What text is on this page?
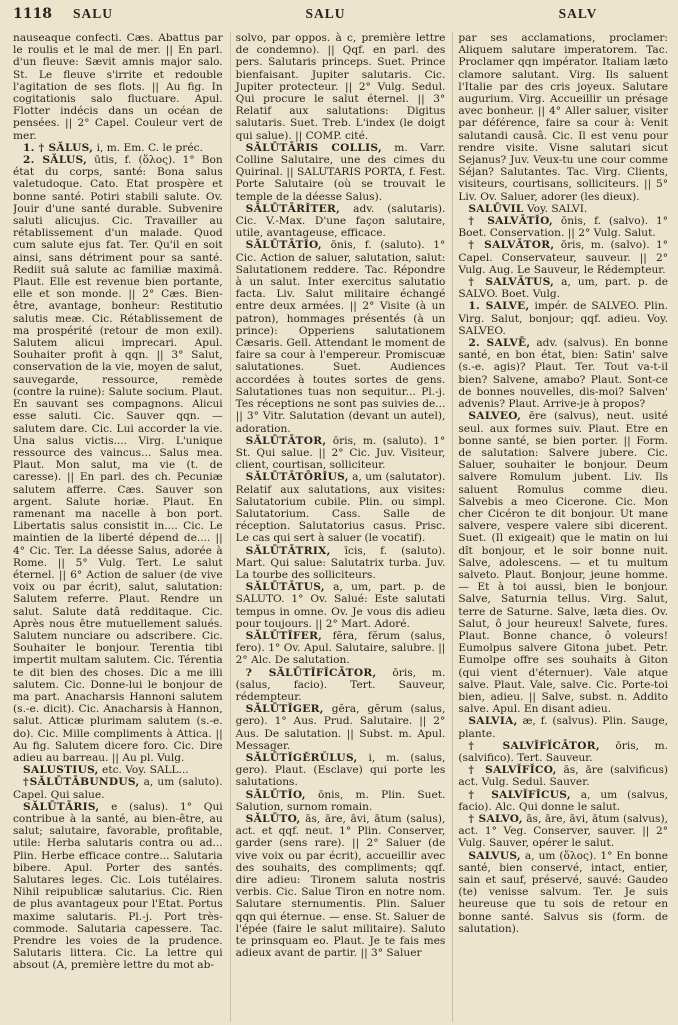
1118	SALU	SALU	SALV

nauseaque confecti. Cæs. Abattus par le roulis et le mal de mer. || En parl. d'un fleuve: Sævit amnis major salo. St. Le fleuve s'irrite et redouble l'agitation de ses flots. || Au fig. In cogitationis salo fluctuare. Apul. Flotter indécis dans un océan de pensées. || 2° Capel. Couleur vert de mer.

1. † SĂLUS, i, m. Em. C. le préc.

2. SĂLUS, ūtis, f. (ὅλος). 1° Bon état du corps, santé: Bona salus valetudoque. Cato. Etat prospère et bonne santé. Potiri stabili salute. Ov. Jouir d'une santé durable. Subvenire saluti alicujus. Cic. Travailler au rétablissement d'un malade. Quod cum salute ejus fat. Ter. Qu'il en soit ainsi, sans détriment pour sa santé. Rediit suâ salute ac familiæ maximâ. Plaut. Elle est revenue bien portante, elle et son monde. || 2° Cæs. Bien-être, avantage, bonheur: Restitutio salutis meæ. Cic. Rétablissement de ma prospérité (retour de mon exil). Salutem alicui imprecari. Apul. Souhaiter profit à qqn. || 3° Salut, conservation de la vie, moyen de salut, sauvegarde, ressource, remède (contre la ruine): Salute socium. Plaut. En sauvant ses compagnons. Alicui esse saluti. Cic. Sauver qqn. — salutem dare. Cic. Lui accorder la vie. Una salus victis.... Virg. L'unique ressource des vaincus... Salus mea. Plaut. Mon salut, ma vie (t. de caresse). || En parl. des ch. Pecuniæ salutem afferre. Cæs. Sauver son argent. Salute horiæ. Plaut. En ramenant ma nacelle à bon port. Libertatis salus consistit in.... Cic. Le maintien de la liberté dépend de.... || 4° Cic. Ter. La déesse Salus, adorée à Rome. || 5° Vulg. Tert. Le salut éternel. || 6° Action de saluer (de vive voix ou par écrit), salut, salutation: Salutem referre. Plaut. Rendre un salut. Salute datâ redditaque. Cic. Après nous être mutuellement salués. Salutem nunciare ou adscribere. Cic. Souhaiter le bonjour. Terentia tibi impertit multam salutem. Cic. Térentia te dit bien des choses. Dic a me illi salutem. Cic. Donne-lui le bonjour de ma part. Anacharsis Hannoni salutem (s.-e. dicit). Cic. Anacharsis à Hannon, salut. Atticæ plurimam salutem (s.-e. do). Cic. Mille compliments à Attica. || Au fig. Salutem dicere foro. Cic. Dire adieu au barreau. || Au pl. Vulg.

SALUSTIUS, etc. Voy. SALL...

†SĂLŪTĀBUNDUS, a, um (saluto). Capel. Qui salue.

SĂLŪTĀRIS, e (salus). 1° Qui contribue à la santé, au bien-être, au salut; salutaire, favorable, profitable, utile: Herba salutaris contra ou ad... Plin. Herbe efficace contre... Salutaria bibere. Apul. Porter des santés. Salutares leges. Cic. Lois tutélaires. Nihil reipublicæ salutarius. Cic. Rien de plus avantageux pour l'Etat. Portus maxime salutaris. Pl.-j. Port très-commode. Salutaria capessere. Tac. Prendre les voies de la prudence. Salutaris littera. Cic. La lettre qui absout (A, première lettre du mot ab-

solvo, par oppos. à c, première lettre de condemno). || Qqf. en parl. des pers. Salutaris princeps. Suet. Prince bienfaisant. Jupiter salutaris. Cic. Jupiter protecteur. || 2° Vulg. Sedul. Qui procure le salut éternel. || 3° Relatif aux salutations: Digitus salutaris. Suet. Treb. L'index (le doigt qui salue). || COMP. cité.

SĂLŪTĀRIS COLLIS, m. Varr. Colline Salutaire, une des cimes du Quirinal. || SALUTARIS PORTA, f. Fest. Porte Salutaire (où se trouvait le temple de la déesse Salus).

SĂLŪTĀRĬTER, adv. (salutaris). Cic. V.-Max. D'une façon salutaire, utile, avantageuse, efficace.

SĂLŪTĀTĬO, ōnis, f. (saluto). 1° Cic. Action de saluer, salutation, salut: Salutationem reddere. Tac. Répondre à un salut. Inter exercitus salutatio facta. Liv. Salut militaire échangé entre deux armées. || 2° Visite (à un patron), hommages présentés (à un prince): Opperiens salutationem Cæsaris. Gell. Attendant le moment de faire sa cour à l'empereur. Promiscuæ salutationes. Suet. Audiences accordées à toutes sortes de gens. Salutationes tuas non sequitur... Pl.-j. Tes réceptions ne sont pas suivies de... || 3° Vitr. Salutation (devant un autel), adoration.

SĂLŪTĀTOR, ōris, m. (saluto). 1° St. Qui salue. || 2° Cic. Juv. Visiteur, client, courtisan, solliciteur.

SĂLŪTĀTŌRĬUS, a, um (salutator). Relatif aux salutations, aux visites: Salutatorium cubile. Plin. ou simpl. Salutatorium. Cass. Salle de réception. Salutatorius casus. Prisc. Le cas qui sert à saluer (le vocatif).

SĂLŪTĀTRIX, īcis, f. (saluto). Mart. Qui salue: Salutatrix turba. Juv. La tourbe des solliciteurs.

SĂLŪTĀTUS, a, um, part. p. de SALUTO. 1° Ov. Salué: Este salutati tempus in omne. Ov. Je vous dis adieu pour toujours. || 2° Mart. Adoré.

SĂLŪTĬFER, fĕra, fĕrum (salus, fero). 1° Ov. Apul. Salutaire, salubre. || 2° Alc. De salutation.

? SĂLŪTĬFĬCĀTOR, ōris, m. (salus, facio). Tert. Sauveur, rédempteur.

SĂLŪTĬGER, gĕra, gĕrum (salus, gero). 1° Aus. Prud. Salutaire. || 2° Aus. De salutation. || Subst. m. Apul. Messager.

SĂLŪTĬGĔRŬLUS, i, m. (salus, gero). Plaut. (Esclave) qui porte les salutations.

SĂLŪTĬO, ōnis, m. Plin. Suet. Salution, surnom romain.

SĂLŪTO, ās, āre, āvi, ātum (salus), act. et qqf. neut. 1° Plin. Conserver, garder (sens rare). || 2° Saluer (de vive voix ou par écrit), accueillir avec des souhaits, des compliments; qqf. dire adieu: Tironem saluta nostris verbis. Cic. Salue Tiron en notre nom. Salutare sternumentis. Plin. Saluer qqn qui éternue. — ense. St. Saluer de l'épée (faire le salut militaire). Saluto te prinsquam eo. Plaut. Je te fais mes adieux avant de partir. || 3° Saluer

par ses acclamations, proclamer: Aliquem salutare imperatorem. Tac. Proclamer qqn impérator. Italiam læto clamore salutant. Virg. Ils saluent l'Italie par des cris joyeux. Salutare augurium. Virg. Accueillir un présage avec bonheur. || 4° Aller saluer, visiter par déférence, faire sa cour à: Venit salutandi causâ. Cic. Il est venu pour rendre visite. Visne salutari sicut Sejanus? Juv. Veux-tu une cour comme Séjan? Salutantes. Tac. Virg. Clients, visiteurs, courtisans, solliciteurs. || 5° Liv. Ov. Saluer, adorer (les dieux).

SALŪVIL Voy. SALVI.

† SALVĀTĬO, ōnis, f. (salvo). 1° Boet. Conservation. || 2° Vulg. Salut.

† SALVĀTOR, ōris, m. (salvo). 1° Capel. Conservateur, sauveur. || 2° Vulg. Aug. Le Sauveur, le Rédempteur.

† SALVĀTUS, a, um, part. p. de SALVO. Boet. Vulg.

1. SALVE, impér. de SALVEO. Plin. Virg. Salut, bonjour; qqf. adieu. Voy. SALVEO.

2. SALVĒ, adv. (salvus). En bonne santé, en bon état, bien: Satin' salve (s.-e. agis)? Plaut. Ter. Tout va-t-il bien? Salvene, amabo? Plaut. Sont-ce de bonnes nouvelles, dis-moi? Salven' advenis? Plaut. Arrive-je à propos?

SALVEO, ēre (salvus), neut. usité seul. aux formes suiv. Plaut. Etre en bonne santé, se bien porter. || Form. de salutation: Salvere jubere. Cic. Saluer, souhaiter le bonjour. Deum salvere Romulum jubent. Liv. Ils saluent Romulus comme dieu. Salvebis a meo Cicerone. Cic. Mon cher Cicéron te dit bonjour. Ut mane salvere, vespere valere sibi dicerent. Suet. (Il exigeait) que le matin on lui dît bonjour, et le soir bonne nuit. Salve, adolescens. — et tu multum salveto. Plaut. Bonjour, jeune homme. — Et à toi aussi, bien le bonjour. Salve, Saturnia tellus. Virg. Salut, terre de Saturne. Salve, læta dies. Ov. Salut, ô jour heureux! Salvete, fures. Plaut. Bonne chance, ô voleurs! Eumolpus salvere Gitona jubet. Petr. Eumolpe offre ses souhaits à Giton (qui vient d'éternuer). Vale atque salve. Plaut. Vale, salve. Cic. Porte-toi bien, adieu. || Salve, subst. n. Addito salve. Apul. En disant adieu.

SALVIA, æ, f. (salvus). Plin. Sauge, plante.

† SALVĬFĬCĀTOR, ōris, m. (salvifico). Tert. Sauveur.

† SALVĬFĬCO, ās, āre (salvificus) act. Vulg. Sedul. Sauver.

† SALVĬFĬCUS, a, um (salvus, facio). Alc. Qui donne le salut.

† SALVO, ās, āre, āvi, ātum (salvus), act. 1° Veg. Conserver, sauver. || 2° Vulg. Sauver, opérer le salut.

SALVUS, a, um (ὅλος). 1° En bonne santé, bien conservé, intact, entier, sain et sauf, préservé, sauvé: Gaudeo (te) venisse salvum. Ter. Je suis heureuse que tu sois de retour en bonne santé. Salvus sis (form. de salutation).
